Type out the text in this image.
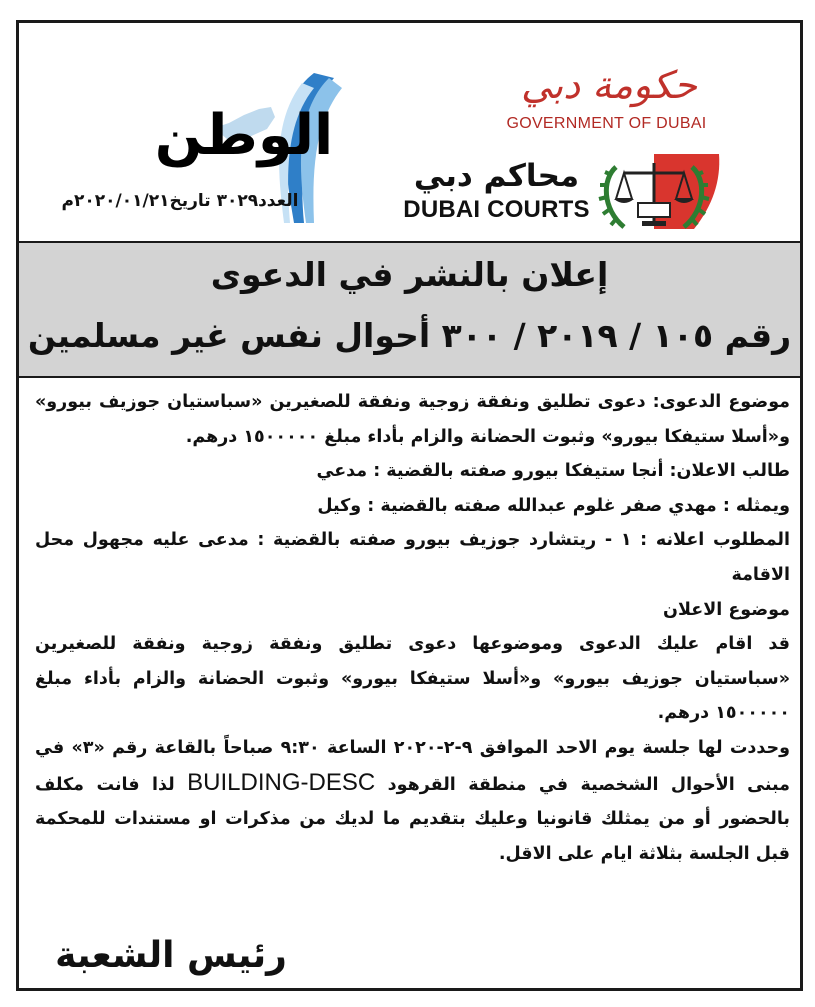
الوطن
العدد٣٠٢٩ تاريخ٢٠٢٠/٠١/٢١م
حكومة دبي
GOVERNMENT OF DUBAI
محاكم دبي
DUBAI COURTS
إعلان بالنشر في الدعوى
رقم ١٠٥ / ٢٠١٩ / ٣٠٠ أحوال نفس غير مسلمين

موضوع الدعوى: دعوى تطليق ونفقة زوجية ونفقة للصغيرين «سباستيان جوزيف بيورو» و«أسلا ستيفكا بيورو» وثبوت الحضانة والزام بأداء مبلغ ١٥٠٠٠٠٠ درهم.

طالب الاعلان: أنجا ستيفكا بيورو صفته بالقضية : مدعي

ويمثله : مهدي صفر غلوم عبدالله صفته بالقضية : وكيل

المطلوب اعلانه : ١ - ريتشارد جوزيف بيورو صفته بالقضية : مدعى عليه مجهول محل الاقامة

موضوع الاعلان

قد اقام عليك الدعوى وموضوعها دعوى تطليق ونفقة زوجية ونفقة للصغيرين «سباستيان جوزيف بيورو» و«أسلا ستيفكا بيورو» وثبوت الحضانة والزام بأداء مبلغ ١٥٠٠٠٠٠ درهم.

وحددت لها جلسة يوم الاحد الموافق ٩-٢-٢٠٢٠ الساعة ٩:٣٠ صباحاً بالقاعة رقم «٣» في مبنى الأحوال الشخصية في منطقة القرهود BUILDING-DESC لذا فانت مكلف بالحضور أو من يمثلك قانونيا وعليك بتقديم ما لديك من مذكرات او مستندات للمحكمة قبل الجلسة بثلاثة ايام على الاقل.

رئيس الشعبة
